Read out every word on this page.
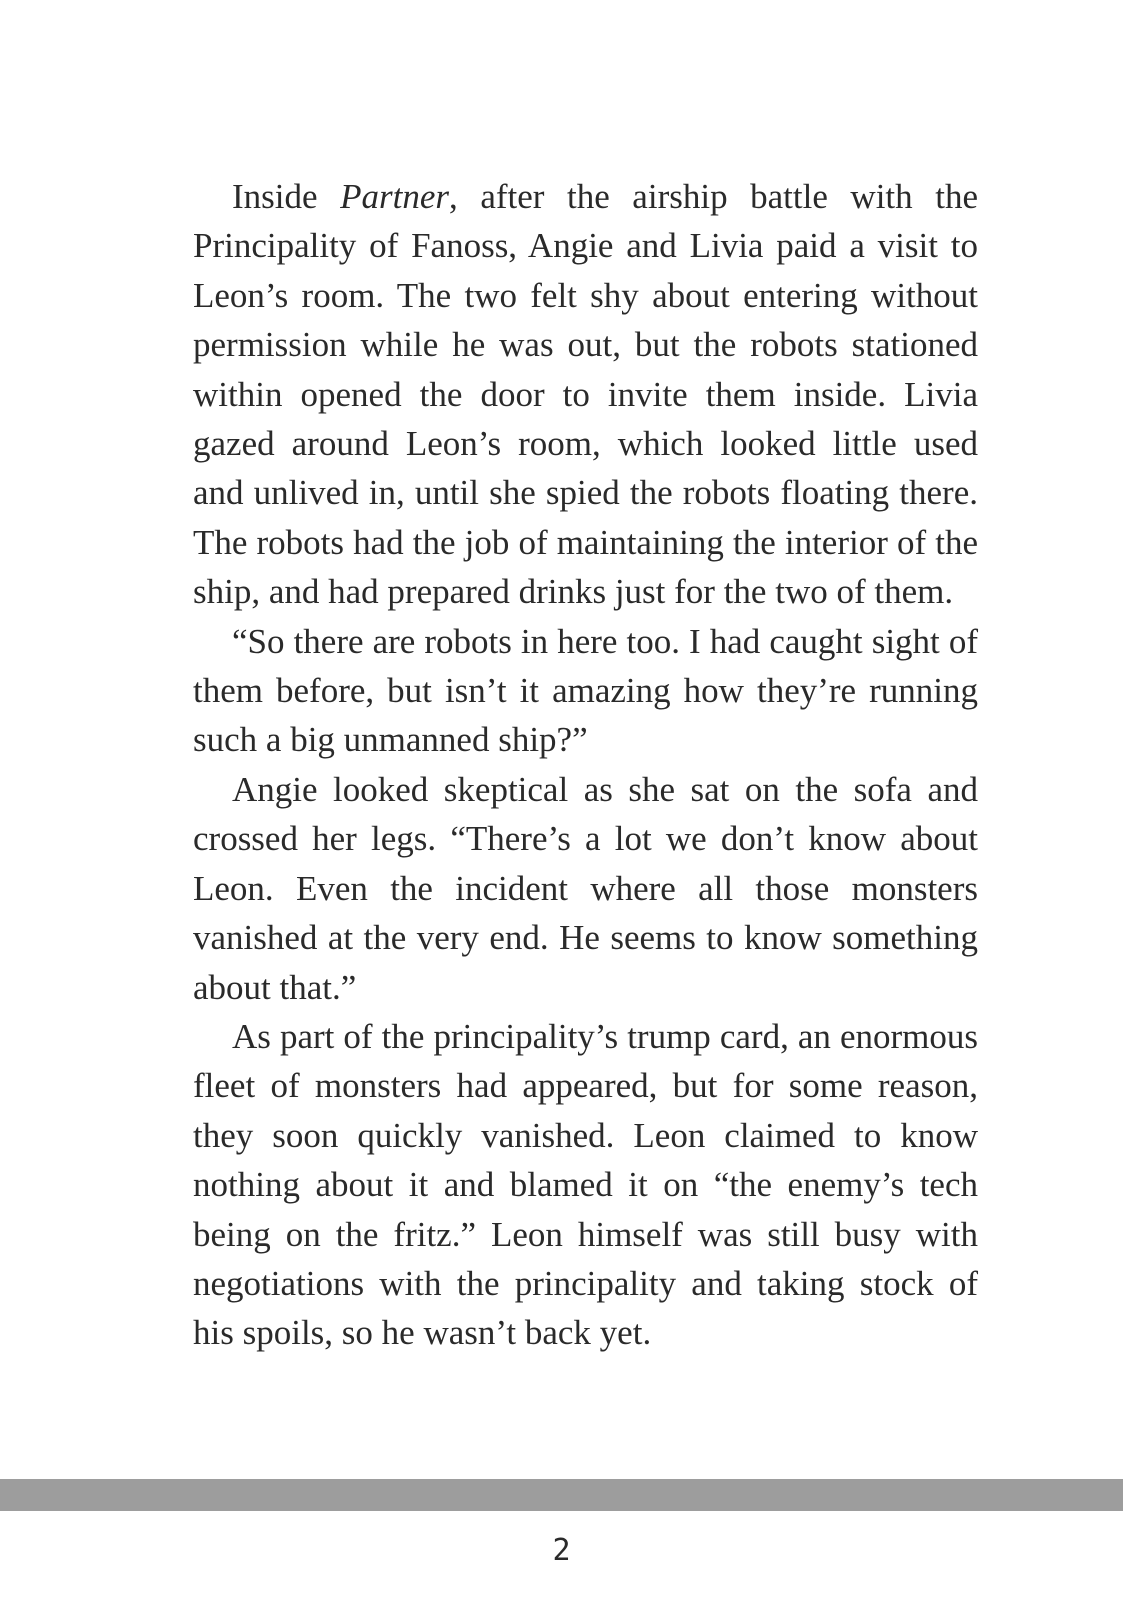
Inside Partner, after the airship battle with the Principality of Fanoss, Angie and Livia paid a visit to Leon’s room. The two felt shy about entering without permission while he was out, but the robots stationed within opened the door to invite them inside. Livia gazed around Leon’s room, which looked little used and unlived in, until she spied the robots floating there. The robots had the job of maintaining the interior of the ship, and had prepared drinks just for the two of them.

“So there are robots in here too. I had caught sight of them before, but isn’t it amazing how they’re running such a big unmanned ship?”

Angie looked skeptical as she sat on the sofa and crossed her legs. “There’s a lot we don’t know about Leon. Even the incident where all those monsters vanished at the very end. He seems to know something about that.”

As part of the principality’s trump card, an enormous fleet of monsters had appeared, but for some reason, they soon quickly vanished. Leon claimed to know nothing about it and blamed it on “the enemy’s tech being on the fritz.” Leon himself was still busy with negotiations with the principality and taking stock of his spoils, so he wasn’t back yet.

2
